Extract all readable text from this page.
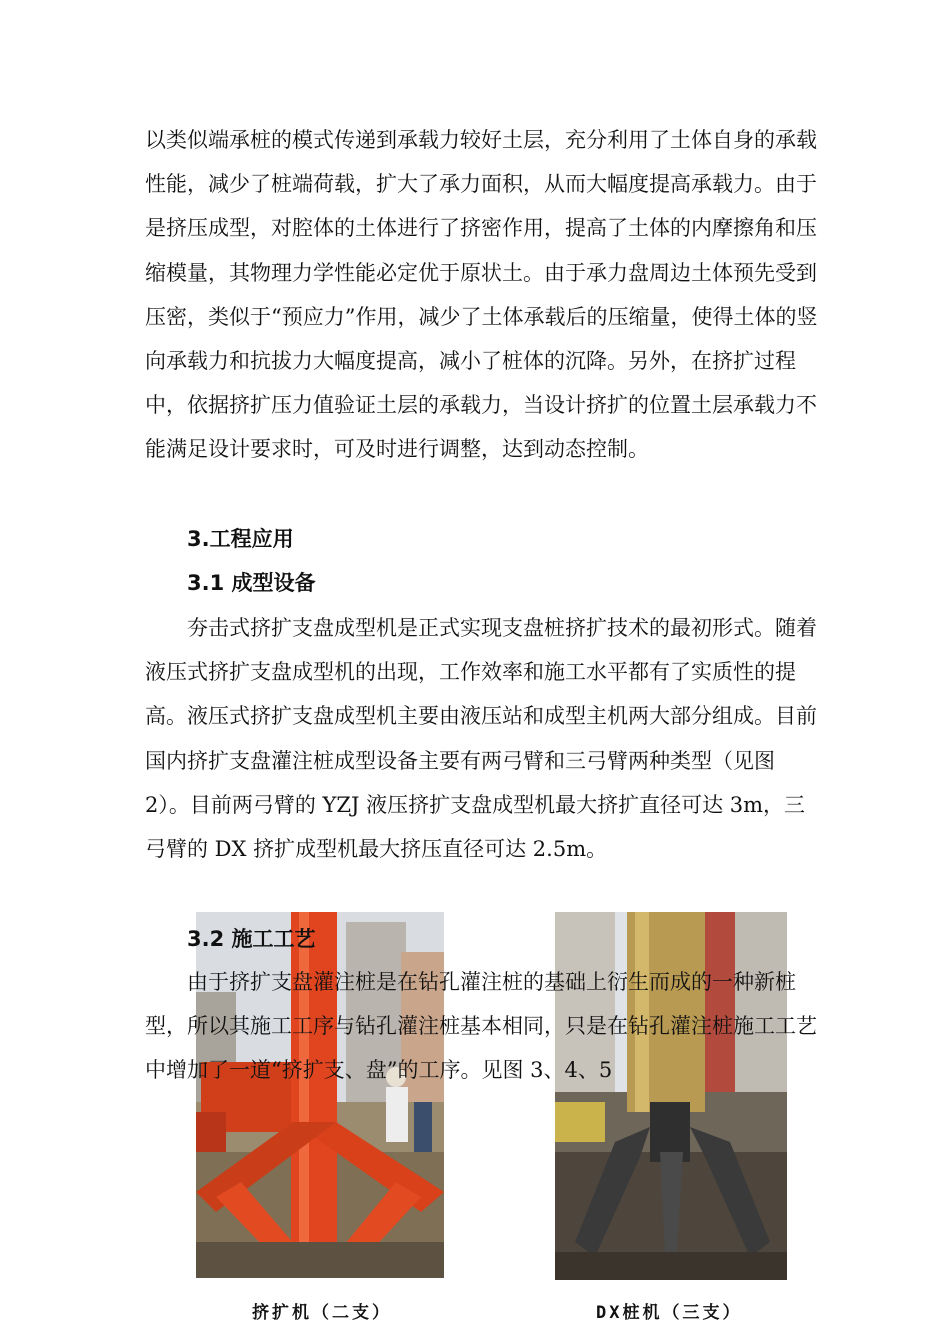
以类似端承桩的模式传递到承载力较好土层，充分利用了土体自身的承载性能，减少了桩端荷载，扩大了承力面积，从而大幅度提高承载力。由于是挤压成型，对腔体的土体进行了挤密作用，提高了土体的内摩擦角和压缩模量，其物理力学性能必定优于原状土。由于承力盘周边土体预先受到压密，类似于“预应力”作用，减少了土体承载后的压缩量，使得土体的竖向承载力和抗拔力大幅度提高，减小了桩体的沉降。另外，在挤扩过程中，依据挤扩压力值验证土层的承载力，当设计挤扩的位置土层承载力不能满足设计要求时，可及时进行调整，达到动态控制。

3.工程应用

3.1 成型设备

夯击式挤扩支盘成型机是正式实现支盘桩挤扩技术的最初形式。随着液压式挤扩支盘成型机的出现，工作效率和施工水平都有了实质性的提高。液压式挤扩支盘成型机主要由液压站和成型主机两大部分组成。目前国内挤扩支盘灌注桩成型设备主要有两弓臂和三弓臂两种类型（见图 2）。目前两弓臂的 YZJ 液压挤扩支盘成型机最大挤扩直径可达 3m，三弓臂的 DX 挤扩成型机最大挤压直径可达 2.5m。

3.2 施工工艺

由于挤扩支盘灌注桩是在钻孔灌注桩的基础上衍生而成的一种新桩型，所以其施工工序与钻孔灌注桩基本相同，只是在钻孔灌注桩施工工艺中增加了一道“挤扩支、盘”的工序。见图 3、4、5

挤扩机（二支）	DX桩机（三支）
